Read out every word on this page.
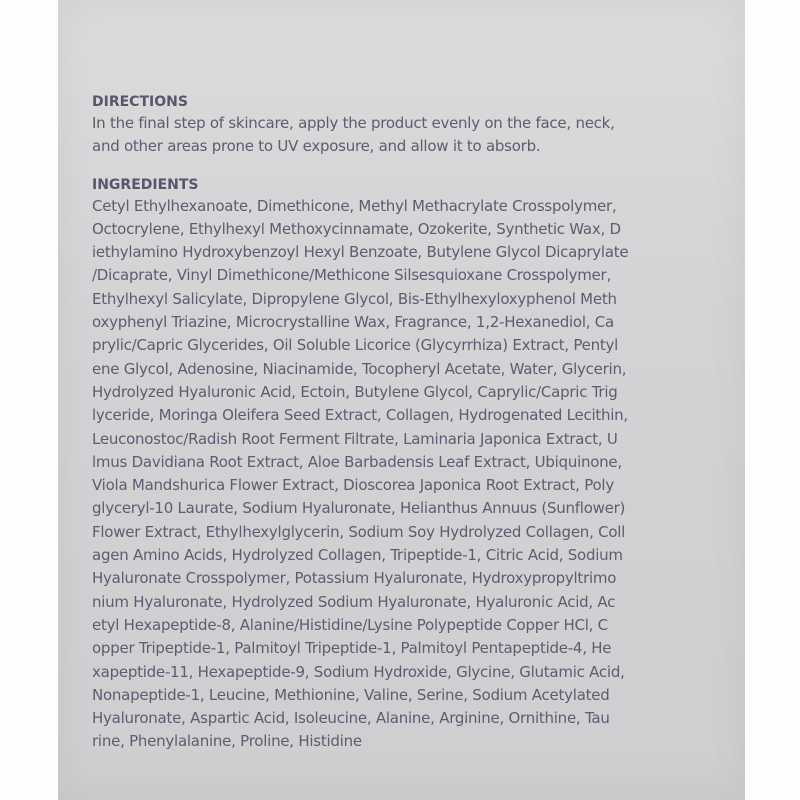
DIRECTIONS
In the final step of skincare, apply the product evenly on the face, neck,
and other areas prone to UV exposure, and allow it to absorb.
INGREDIENTS
Cetyl Ethylhexanoate, Dimethicone, Methyl Methacrylate Crosspolymer,
Octocrylene, Ethylhexyl Methoxycinnamate, Ozokerite, Synthetic Wax, D
iethylamino Hydroxybenzoyl Hexyl Benzoate, Butylene Glycol Dicaprylate
/Dicaprate, Vinyl Dimethicone/Methicone Silsesquioxane Crosspolymer,
Ethylhexyl Salicylate, Dipropylene Glycol, Bis-Ethylhexyloxyphenol Meth
oxyphenyl Triazine, Microcrystalline Wax, Fragrance, 1,2-Hexanediol, Ca
prylic/Capric Glycerides, Oil Soluble Licorice (Glycyrrhiza) Extract, Pentyl
ene Glycol, Adenosine, Niacinamide, Tocopheryl Acetate, Water, Glycerin,
Hydrolyzed Hyaluronic Acid, Ectoin, Butylene Glycol, Caprylic/Capric Trig
lyceride, Moringa Oleifera Seed Extract, Collagen, Hydrogenated Lecithin,
Leuconostoc/Radish Root Ferment Filtrate, Laminaria Japonica Extract, U
lmus Davidiana Root Extract, Aloe Barbadensis Leaf Extract, Ubiquinone,
Viola Mandshurica Flower Extract, Dioscorea Japonica Root Extract, Poly
glyceryl-10 Laurate, Sodium Hyaluronate, Helianthus Annuus (Sunflower)
Flower Extract, Ethylhexylglycerin, Sodium Soy Hydrolyzed Collagen, Coll
agen Amino Acids, Hydrolyzed Collagen, Tripeptide-1, Citric Acid, Sodium
Hyaluronate Crosspolymer, Potassium Hyaluronate, Hydroxypropyltrimo
nium Hyaluronate, Hydrolyzed Sodium Hyaluronate, Hyaluronic Acid, Ac
etyl Hexapeptide-8, Alanine/Histidine/Lysine Polypeptide Copper HCl, C
opper Tripeptide-1, Palmitoyl Tripeptide-1, Palmitoyl Pentapeptide-4, He
xapeptide-11, Hexapeptide-9, Sodium Hydroxide, Glycine, Glutamic Acid,
Nonapeptide-1, Leucine, Methionine, Valine, Serine, Sodium Acetylated
Hyaluronate, Aspartic Acid, Isoleucine, Alanine, Arginine, Ornithine, Tau
rine, Phenylalanine, Proline, Histidine
